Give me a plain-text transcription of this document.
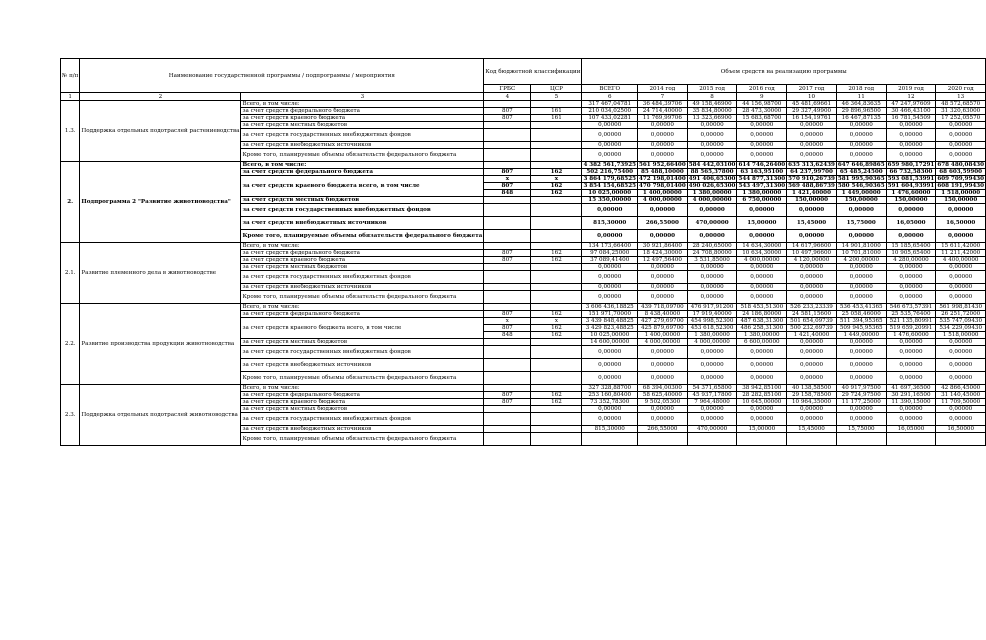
№ п/п	Наименование государственной программы / подпрограммы / мероприятия		Код бюджетной классификации		Объем средств на реализацию программы							
			ГРБС	ЦСР	ВСЕГО	2014 год	2015 год	2016 год	2017 год	2018 год	2019 год	2020 год
1	2	3	4	5	6	7	8	9	10	11	12	13
1.3.	Поддержка отдельных подотраслей растениеводства	Всего, в том числе:			317 467,04781	36 484,39706	49 158,46900	44 156,98700	45 481,69661	46 364,83635	47 247,97609	48 572,68570
		за счет средств федерального бюджета	807	161	210 034,02500	24 714,40000	35 834,80000	28 473,30000	29 327,49900	29 896,96500	30 466,43100	31 320,63000
		за счет средств краевого бюджета	807	161	107 433,02281	11 769,99706	13 323,66900	15 683,68700	16 154,19761	16 467,87135	16 781,54509	17 252,05570
		за счет средств местных бюджетов			0,00000	0,00000	0,00000	0,00000	0,00000	0,00000	0,00000	0,00000
		за счет средств государственных внебюджетных фондов			0,00000	0,00000	0,00000	0,00000	0,00000	0,00000	0,00000	0,00000
		за счет средств внебюджетных источников			0,00000	0,00000	0,00000	0,00000	0,00000	0,00000	0,00000	0,00000
		Кроме того, планируемые объемы обязательств федерального бюджета			0,00000	0,00000	0,00000	0,00000	0,00000	0,00000	0,00000	0,00000
2.	Подпрограмма 2 "Развитие животноводства"	Всего, в том числе:			4 382 561,73925	561 952,66400	584 442,03100	614 746,26400	635 313,62439	647 646,89865	659 980,17291	678 480,08430
		за счет средств федерального бюджета	807	162	502 216,75400	85 488,10000	88 565,37800	63 163,95100	64 237,99700	65 485,24500	66 732,58300	68 603,59900
		за счет средств краевого бюджета всего, в том числе	х	х	3 864 179,68525	472 198,01400	491 406,65300	544 877,31300	570 910,26739	581 995,90365	593 081,53991	609 709,99430
			807	162	3 854 154,68525	470 798,01400	490 026,65300	543 497,31300	569 488,86739	580 546,90365	591 604,93991	608 191,99430
			848	162	10 025,00000	1 400,00000	1 380,00000	1 380,00000	1 421,40000	1 449,00000	1 476,60000	1 518,00000
		за счет средств местных бюджетов			15 350,00000	4 000,00000	4 000,00000	6 750,00000	150,00000	150,00000	150,00000	150,00000
		за счет средств государственных внебюджетных фондов			0,00000	0,00000	0,00000	0,00000	0,00000	0,00000	0,00000	0,00000
		за счет средств внебюджетных источников			815,30000	266,55000	470,00000	15,00000	15,45000	15,75000	16,05000	16,50000
		Кроме того, планируемые объемы обязательств федерального бюджета			0,00000	0,00000	0,00000	0,00000	0,00000	0,00000	0,00000	0,00000
2.1.	Развитие племенного дела в животноводстве	Всего, в том числе:			134 173,66400	30 921,86400	28 240,65000	14 634,30000	14 617,96600	14 901,81000	15 185,65400	15 611,42000
		за счет средств федерального бюджета	807	162	97 084,25000	18 424,30000	24 708,80000	10 634,30000	10 497,96600	10 701,81000	10 905,65400	11 211,42000
		за счет средств краевого бюджета	807	162	37 089,41400	12 497,56400	3 531,85000	4 000,00000	4 120,00000	4 200,00000	4 280,00000	4 400,00000
		за счет средств местных бюджетов			0,00000	0,00000	0,00000	0,00000	0,00000	0,00000	0,00000	0,00000
		за счет средств государственных внебюджетных фондов			0,00000	0,00000	0,00000	0,00000	0,00000	0,00000	0,00000	0,00000
		за счет средств внебюджетных источников			0,00000	0,00000	0,00000	0,00000	0,00000	0,00000	0,00000	0,00000
		Кроме того, планируемые объемы обязательств федерального бюджета			0,00000	0,00000	0,00000	0,00000	0,00000	0,00000	0,00000	0,00000
2.2.	Развитие производства продукции животноводства	Всего, в том числе:			3 606 436,18825	439 718,09700	476 917,91200	518 453,51300	526 233,23339	536 453,41365	546 673,57391	561 998,81430
		за счет средств федерального бюджета	807	162	151 971,70000	8 438,40000	17 919,40000	24 186,80000	24 581,15600	25 058,46000	25 535,76400	26 251,72000
		за счет средств краевого бюджета всего, в том числе	х	х	3 439 848,48825	427 279,69700	454 998,52300	487 638,31300	501 654,09739	511 394,95365	521 135,80991	535 747,09430
			807	162	3 429 823,48825	425 879,69700	453 618,52300	486 258,31300	500 232,69739	509 945,95365	519 659,20991	534 229,09430
			848	162	10 025,00000	1 400,00000	1 380,00000	1 380,00000	1 421,40000	1 449,00000	1 476,60000	1 518,00000
		за счет средств местных бюджетов			14 600,00000	4 000,00000	4 000,00000	6 600,00000	0,00000	0,00000	0,00000	0,00000
		за счет средств государственных внебюджетных фондов			0,00000	0,00000	0,00000	0,00000	0,00000	0,00000	0,00000	0,00000
		за счет средств внебюджетных источников			0,00000	0,00000	0,00000	0,00000	0,00000	0,00000	0,00000	0,00000
		Кроме того, планируемые объемы обязательств федерального бюджета			0,00000	0,00000	0,00000	0,00000	0,00000	0,00000	0,00000	0,00000
2.3.	Поддержка отдельных подотраслей животноводства	Всего, в том числе:			327 328,88700	68 394,00300	54 371,65800	38 942,85100	40 138,58500	40 917,97500	41 697,36500	42 866,45000
		за счет средств федерального бюджета	807	162	253 160,80400	58 625,40000	45 937,17800	28 282,85100	29 158,78500	29 724,97500	30 291,16500	31 140,45000
		за счет средств краевого бюджета	807	162	73 352,78300	9 502,05300	7 964,48000	10 645,00000	10 964,35000	11 177,25000	11 390,15000	11 709,50000
		за счет средств местных бюджетов			0,00000	0,00000	0,00000	0,00000	0,00000	0,00000	0,00000	0,00000
		за счет средств государственных внебюджетных фондов			0,00000	0,00000	0,00000	0,00000	0,00000	0,00000	0,00000	0,00000
		за счет средств внебюджетных источников			815,30000	266,55000	470,00000	15,00000	15,45000	15,75000	16,05000	16,50000
		Кроме того, планируемые объемы обязательств федерального бюджета										
